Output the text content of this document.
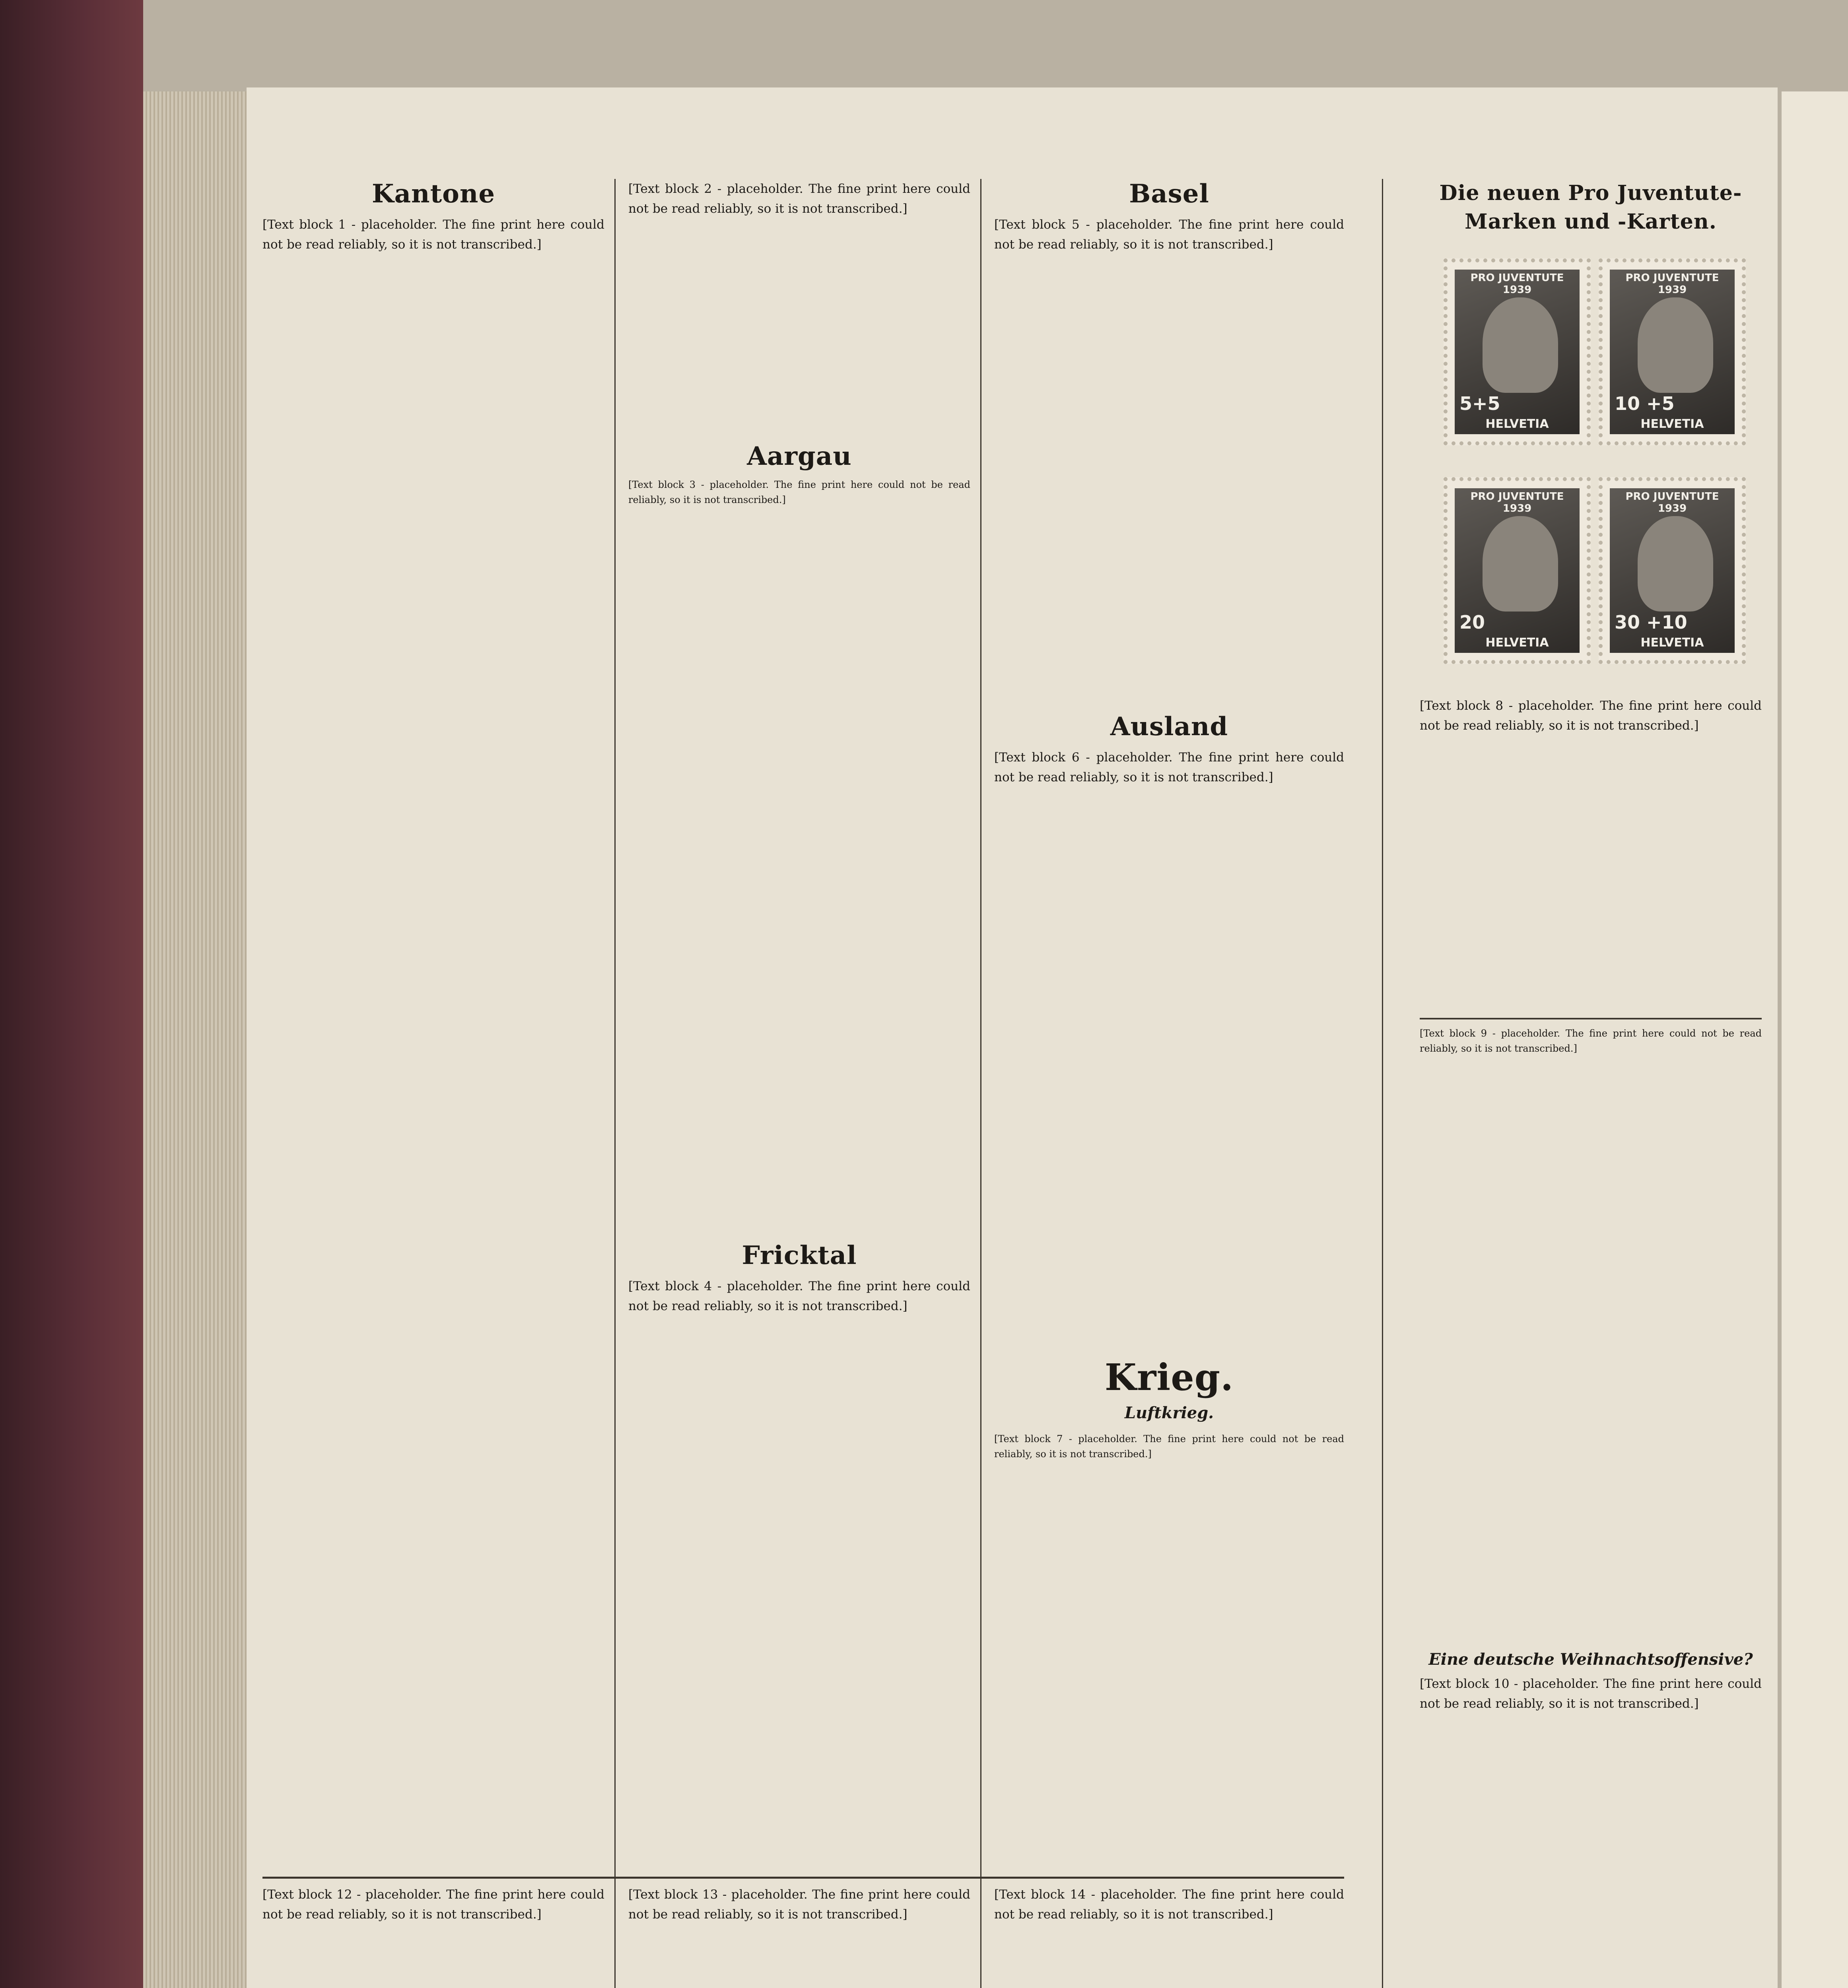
Kantone
[Text block 1 - placeholder. The fine print here could not be read reliably, so it is not transcribed.]
[Text block 2 - placeholder. The fine print here could not be read reliably, so it is not transcribed.]
Aargau
[Text block 3 - placeholder. The fine print here could not be read reliably, so it is not transcribed.]
Fricktal
[Text block 4 - placeholder. The fine print here could not be read reliably, so it is not transcribed.]
Basel
[Text block 5 - placeholder. The fine print here could not be read reliably, so it is not transcribed.]
Ausland
[Text block 6 - placeholder. The fine print here could not be read reliably, so it is not transcribed.]
Krieg.
Luftkrieg.
[Text block 7 - placeholder. The fine print here could not be read reliably, so it is not transcribed.]
Die neuen Pro Juventute-Marken und -Karten.
PRO JUVENTUTE 1939
5+5
HELVETIA
PRO JUVENTUTE 1939
10 +5
HELVETIA
PRO JUVENTUTE 1939
20
HELVETIA
PRO JUVENTUTE 1939
30 +10
HELVETIA
[Text block 8 - placeholder. The fine print here could not be read reliably, so it is not transcribed.]
[Text block 9 - placeholder. The fine print here could not be read reliably, so it is not transcribed.]
Eine deutsche Weihnachtsoffensive?
[Text block 10 - placeholder. The fine print here could not be read reliably, so it is not transcribed.]
[Text block 12 - placeholder. The fine print here could not be read reliably, so it is not transcribed.]
[Text block 13 - placeholder. The fine print here could not be read reliably, so it is not transcribed.]
[Text block 14 - placeholder. The fine print here could not be read reliably, so it is not transcribed.]
